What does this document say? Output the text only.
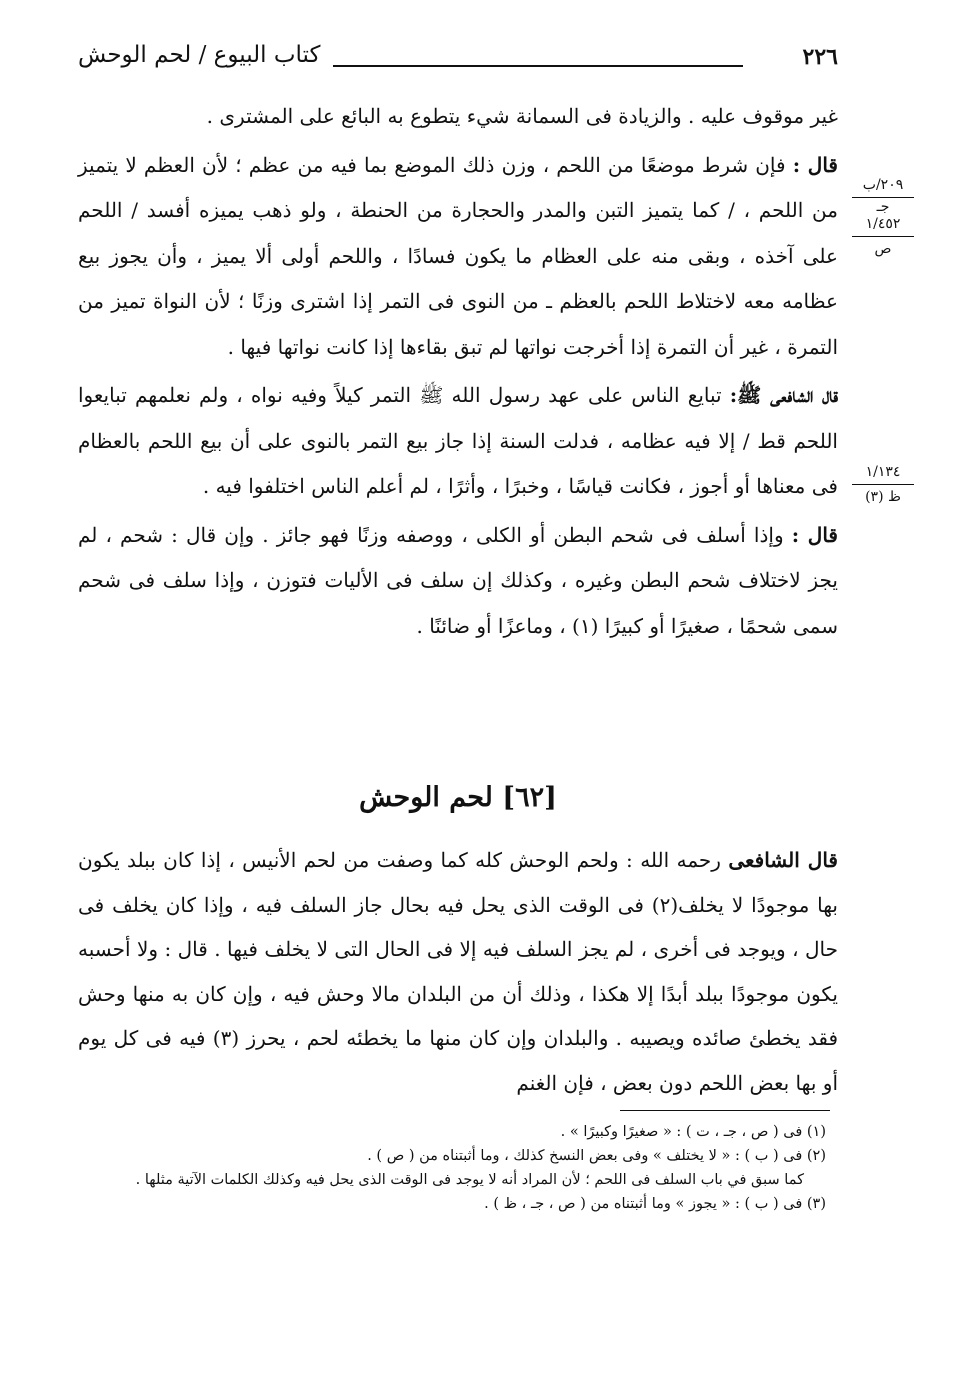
٢٢٦
كتاب البيوع / لحم الوحش
٢٠٩/ب
جـ
١/٤٥٢
ص
١/١٣٤
ظ (٣)

غير موقوف عليه . والزيادة فى السمانة شيء يتطوع به البائع على المشترى .

قال : فإن شرط موضعًا من اللحم ، وزن ذلك الموضع بما فيه من عظم ؛ لأن العظم لا يتميز من اللحم ، / كما يتميز التبن والمدر والحجارة من الحنطة ، ولو ذهب يميزه أفسد / اللحم على آخذه ، وبقى منه على العظام ما يكون فسادًا ، واللحم أولى ألا يميز ، وأن يجوز بيع عظامه معه لاختلاط اللحم بالعظم ـ من النوى فى التمر إذا اشترى وزنًا ؛ لأن النواة تميز من التمرة ، غير أن التمرة إذا أخرجت نواتها لم تبق بقاءها إذا كانت نواتها فيها .

قال الشافعى ﷺ: تبايع الناس على عهد رسول الله ﷺ التمر كيلاً وفيه نواه ، ولم نعلمهم تبايعوا اللحم قط / إلا فيه عظامه ، فدلت السنة إذا جاز بيع التمر بالنوى على أن بيع اللحم بالعظام فى معناها أو أجوز ، فكانت قياسًا ، وخبرًا ، وأثرًا ، لم أعلم الناس اختلفوا فيه .

قال : وإذا أسلف فى شحم البطن أو الكلى ، ووصفه وزنًا فهو جائز . وإن قال : شحم ، لم يجز لاختلاف شحم البطن وغيره ، وكذلك إن سلف فى الأليات فتوزن ، وإذا سلف فى شحم سمى شحمًا ، صغيرًا أو كبيرًا (١) ، وماعزًا أو ضائنًا .

[٦٢] لحم الوحش

قال الشافعى رحمه الله : ولحم الوحش كله كما وصفت من لحم الأنيس ، إذا كان ببلد يكون بها موجودًا لا يخلف(٢) فى الوقت الذى يحل فيه بحال جاز السلف فيه ، وإذا كان يخلف فى حال ، ويوجد فى أخرى ، لم يجز السلف فيه إلا فى الحال التى لا يخلف فيها . قال : ولا أحسبه يكون موجودًا ببلد أبدًا إلا هكذا ، وذلك أن من البلدان مالا وحش فيه ، وإن كان به منها وحش فقد يخطئ صائده ويصيبه . والبلدان وإن كان منها ما يخطئه لحم ، يحرز (٣) فيه فى كل يوم أو بها بعض اللحم دون بعض ، فإن الغنم

(١) فى ( ص ، جـ ، ت ) : « صغيرًا وكبيرًا » .

(٢) فى ( ب ) : « لا يختلف » وفى بعض النسخ كذلك ، وما أثبتناه من ( ص ) .

كما سبق في باب السلف فى اللحم ؛ لأن المراد أنه لا يوجد فى الوقت الذى يحل فيه وكذلك الكلمات الآتية مثلها .

(٣) فى ( ب ) : « يجوز » وما أثبتناه من ( ص ، جـ ، ظ ) .
